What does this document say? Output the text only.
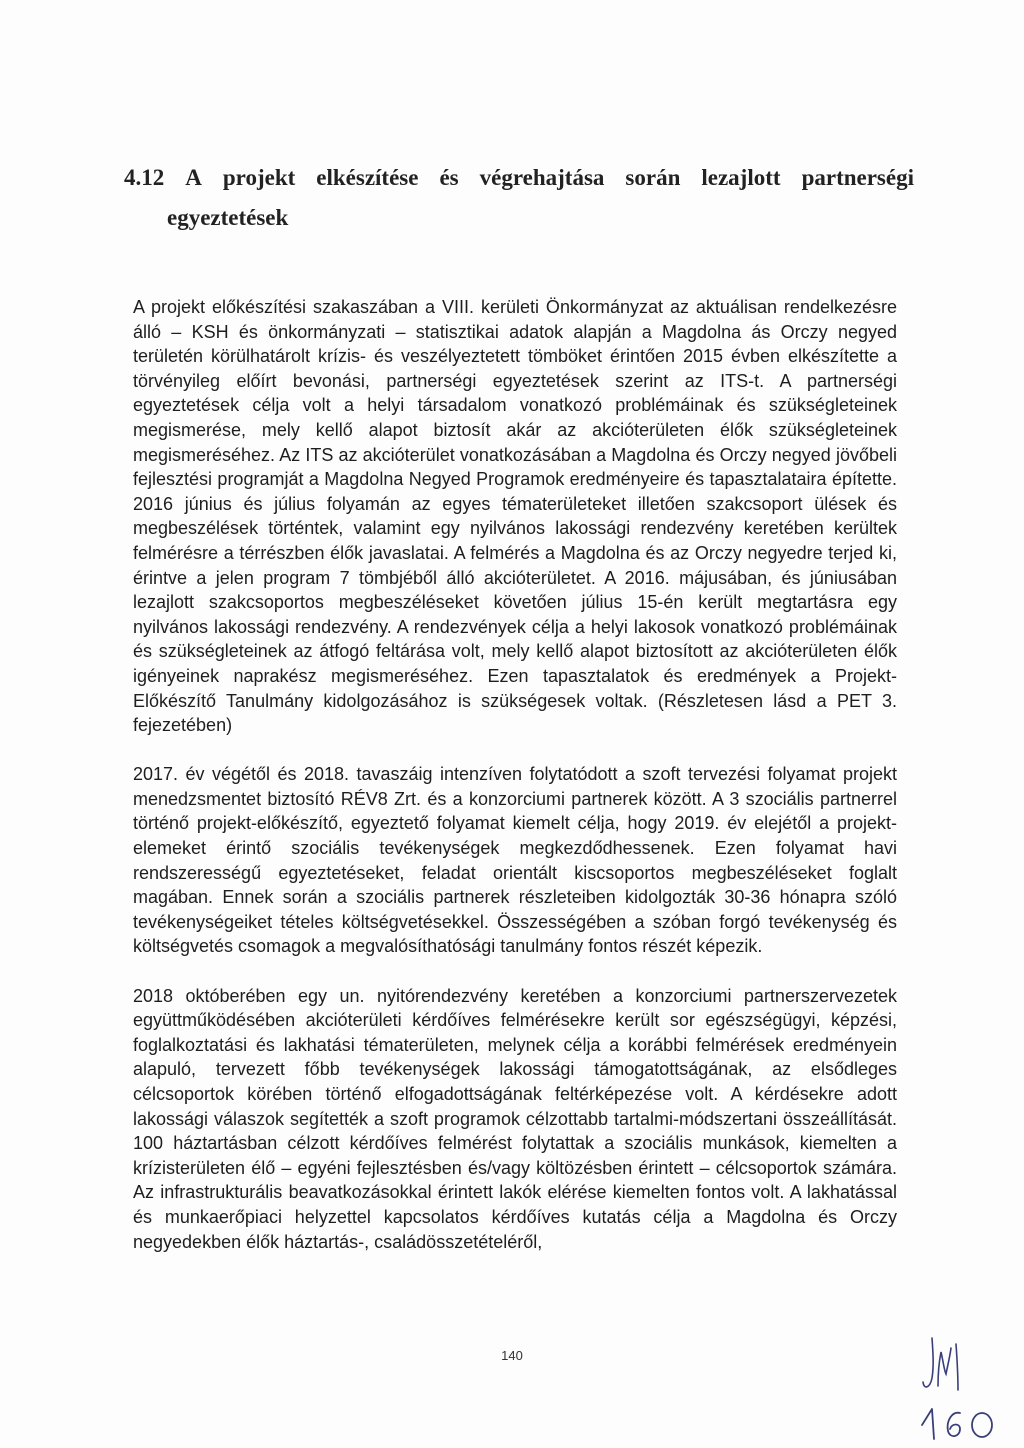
4.12 A projekt elkészítése és végrehajtása során lezajlott partnerségi
egyeztetések

A projekt előkészítési szakaszában a VIII. kerületi Önkormányzat az aktuálisan rendelkezésre álló – KSH és önkormányzati – statisztikai adatok alapján a Magdolna ás Orczy negyed területén körülhatárolt krízis- és veszélyeztetett tömböket érintően 2015 évben elkészítette a törvényileg előírt bevonási, partnerségi egyeztetések szerint az ITS-t. A partnerségi egyeztetések célja volt a helyi társadalom vonatkozó problémáinak és szükségleteinek megismerése, mely kellő alapot biztosít akár az akcióterületen élők szükségleteinek megismeréséhez. Az ITS az akcióterület vonatkozásában a Magdolna és Orczy negyed jövőbeli fejlesztési programját a Magdolna Negyed Programok eredményeire és tapasztalataira építette. 2016 június és július folyamán az egyes tématerületeket illetően szakcsoport ülések és megbeszélések történtek, valamint egy nyilvános lakossági rendezvény keretében kerültek felmérésre a térrészben élők javaslatai. A felmérés a Magdolna és az Orczy negyedre terjed ki, érintve a jelen program 7 tömbjéből álló akcióterületet. A 2016. májusában, és júniusában lezajlott szakcsoportos megbeszéléseket követően július 15-én került megtartásra egy nyilvános lakossági rendezvény. A rendezvények célja a helyi lakosok vonatkozó problémáinak és szükségleteinek az átfogó feltárása volt, mely kellő alapot biztosított az akcióterületen élők igényeinek naprakész megismeréséhez. Ezen tapasztalatok és eredmények a Projekt-Előkészítő Tanulmány kidolgozásához is szükségesek voltak. (Részletesen lásd a PET 3. fejezetében)

2017. év végétől és 2018. tavaszáig intenzíven folytatódott a szoft tervezési folyamat projekt menedzsmentet biztosító RÉV8 Zrt. és a konzorciumi partnerek között. A 3 szociális partnerrel történő projekt-előkészítő, egyeztető folyamat kiemelt célja, hogy 2019. év elejétől a projekt-elemeket érintő szociális tevékenységek megkezdődhessenek. Ezen folyamat havi rendszerességű egyeztetéseket, feladat orientált kiscsoportos megbeszéléseket foglalt magában. Ennek során a szociális partnerek részleteiben kidolgozták 30-36 hónapra szóló tevékenységeiket tételes költségvetésekkel. Összességében a szóban forgó tevékenység és költségvetés csomagok a megvalósíthatósági tanulmány fontos részét képezik.

2018 októberében egy un. nyitórendezvény keretében a konzorciumi partnerszervezetek együttműködésében akcióterületi kérdőíves felmérésekre került sor egészségügyi, képzési, foglalkoztatási és lakhatási tématerületen, melynek célja a korábbi felmérések eredményein alapuló, tervezett főbb tevékenységek lakossági támogatottságának, az elsődleges célcsoportok körében történő elfogadottságának feltérképezése volt. A kérdésekre adott lakossági válaszok segítették a szoft programok célzottabb tartalmi-módszertani összeállítását. 100 háztartásban célzott kérdőíves felmérést folytattak a szociális munkások, kiemelten a krízisterületen élő – egyéni fejlesztésben és/vagy költözésben érintett – célcsoportok számára. Az infrastrukturális beavatkozásokkal érintett lakók elérése kiemelten fontos volt. A lakhatással és munkaerőpiaci helyzettel kapcsolatos kérdőíves kutatás célja a Magdolna és Orczy negyedekben élők háztartás-, családösszetételéről,

140
